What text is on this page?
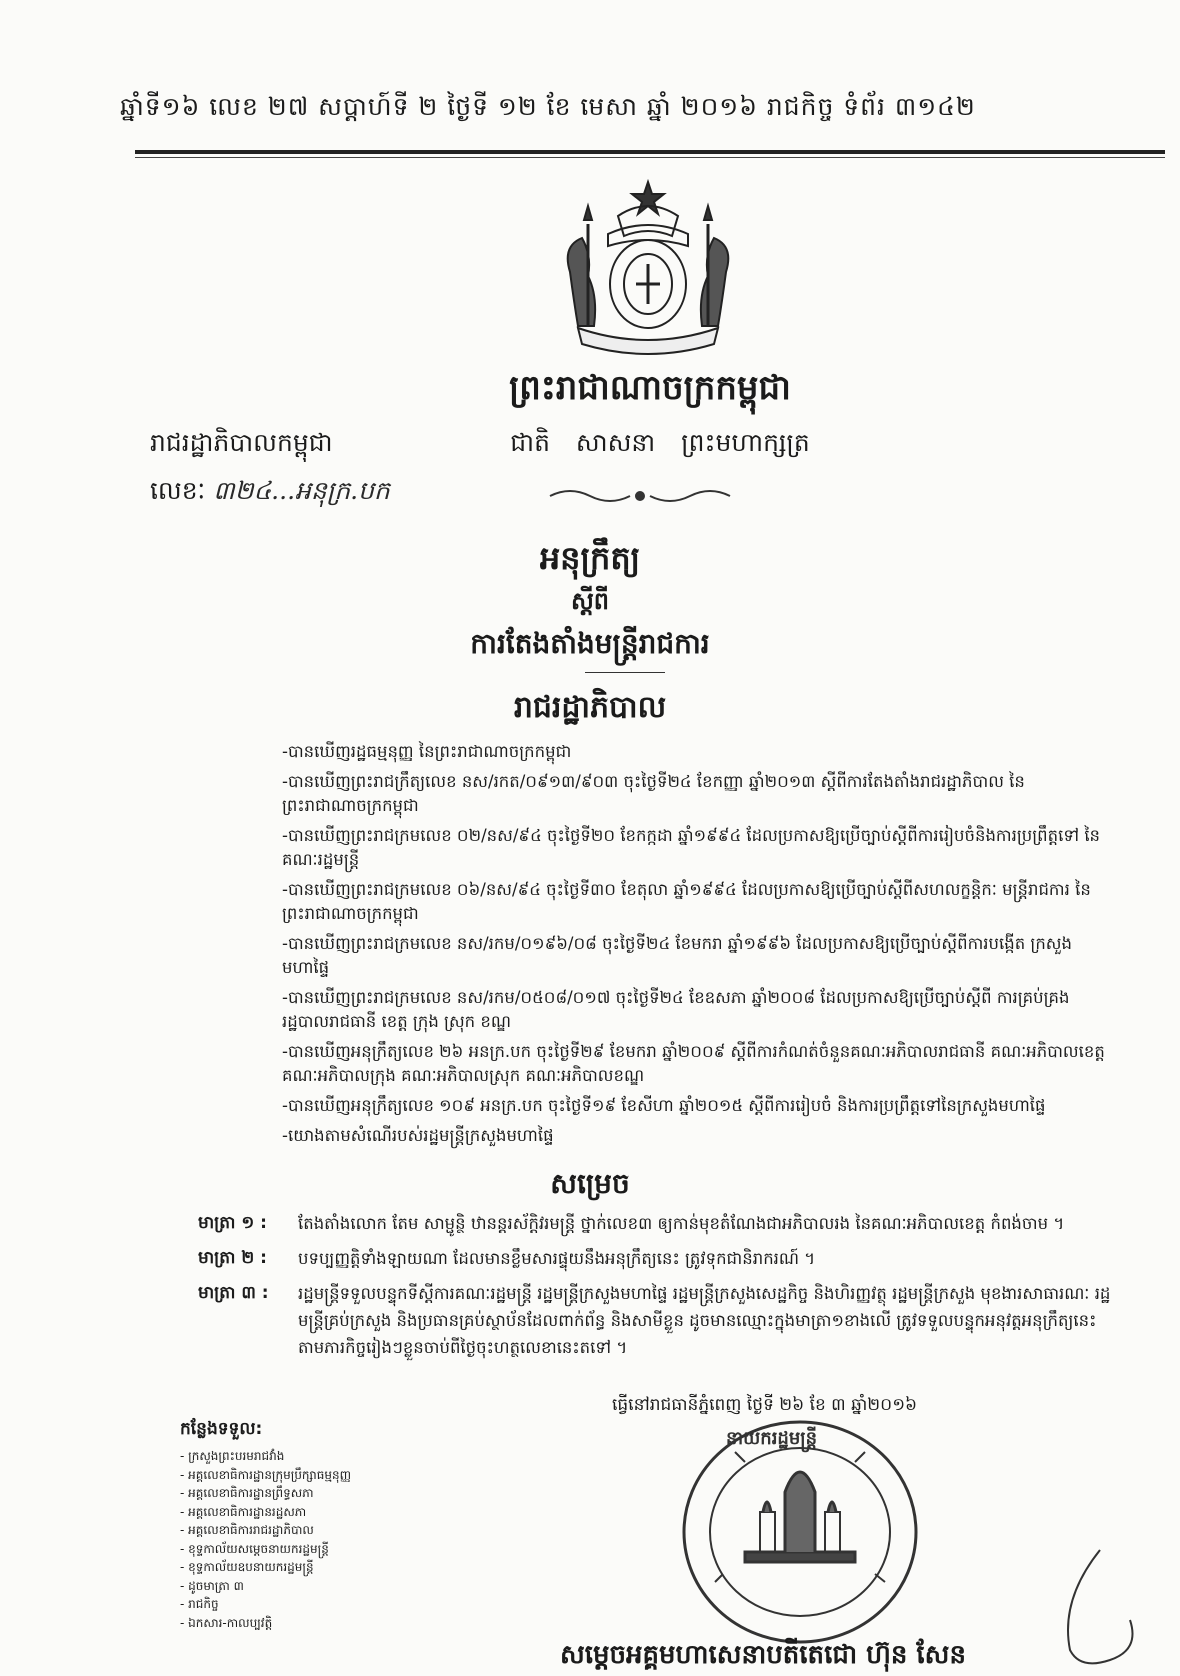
ឆ្នាំទី១៦ លេខ ២៧ សប្តាហ៍ទី ២ ថ្ងៃទី ១២ ខែ មេសា ឆ្នាំ ២០១៦ រាជកិច្ច ទំព័រ ៣១៤២
ព្រះរាជាណាចក្រកម្ពុជា
ជាតិ សាសនា ព្រះមហាក្សត្រ
រាជរដ្ឋាភិបាលកម្ពុជា
លេខៈ ៣២៤...អនុក្រ.បក
អនុក្រឹត្យ
ស្តីពី
ការតែងតាំងមន្ត្រីរាជការ
រាជរដ្ឋាភិបាល
-បានឃើញរដ្ឋធម្មនុញ្ញ នៃព្រះរាជាណាចក្រកម្ពុជា
-បានឃើញព្រះរាជក្រឹត្យលេខ នស/រកត/០៩១៣/៩០៣ ចុះថ្ងៃទី២៤ ខែកញ្ញា ឆ្នាំ២០១៣ ស្តីពីការតែងតាំងរាជរដ្ឋាភិបាល នៃព្រះរាជាណាចក្រកម្ពុជា
-បានឃើញព្រះរាជក្រមលេខ ០២/នស/៩៤ ចុះថ្ងៃទី២០ ខែកក្កដា ឆ្នាំ១៩៩៤ ដែលប្រកាសឱ្យប្រើច្បាប់ស្តីពីការរៀបចំនិងការប្រព្រឹត្តទៅ នៃគណៈរដ្ឋមន្ត្រី
-បានឃើញព្រះរាជក្រមលេខ ០៦/នស/៩៤ ចុះថ្ងៃទី៣០ ខែតុលា ឆ្នាំ១៩៩៤ ដែលប្រកាសឱ្យប្រើច្បាប់ស្តីពីសហលក្ខន្តិកៈ មន្ត្រីរាជការ នៃព្រះរាជាណាចក្រកម្ពុជា
-បានឃើញព្រះរាជក្រមលេខ នស/រកម/០១៩៦/០៨ ចុះថ្ងៃទី២៤ ខែមករា ឆ្នាំ១៩៩៦ ដែលប្រកាសឱ្យប្រើច្បាប់ស្តីពីការបង្កើត ក្រសួងមហាផ្ទៃ
-បានឃើញព្រះរាជក្រមលេខ នស/រកម/០៥០៨/០១៧ ចុះថ្ងៃទី២៤ ខែឧសភា ឆ្នាំ២០០៨ ដែលប្រកាសឱ្យប្រើច្បាប់ស្តីពី ការគ្រប់គ្រងរដ្ឋបាលរាជធានី ខេត្ត ក្រុង ស្រុក ខណ្ឌ
-បានឃើញអនុក្រឹត្យលេខ ២៦ អនក្រ.បក ចុះថ្ងៃទី២៩ ខែមករា ឆ្នាំ២០០៩ ស្តីពីការកំណត់ចំនួនគណៈអភិបាលរាជធានី គណៈអភិបាលខេត្ត គណៈអភិបាលក្រុង គណៈអភិបាលស្រុក គណៈអភិបាលខណ្ឌ
-បានឃើញអនុក្រឹត្យលេខ ១០៩ អនក្រ.បក ចុះថ្ងៃទី១៩ ខែសីហា ឆ្នាំ២០១៥ ស្តីពីការរៀបចំ និងការប្រព្រឹត្តទៅនៃក្រសួងមហាផ្ទៃ
-យោងតាមសំណើរបស់រដ្ឋមន្ត្រីក្រសួងមហាផ្ទៃ
សម្រេច
មាត្រា ១ :	តែងតាំងលោក តែម សាម្ផូន្ថិ ឋានន្តរស័ក្តិវរមន្ត្រី ថ្នាក់លេខ៣ ឲ្យកាន់មុខតំណែងជាអភិបាលរង នៃគណៈអភិបាលខេត្ត កំពង់ចាម ។
មាត្រា ២ :	បទប្បញ្ញត្តិទាំងឡាយណា ដែលមានខ្លឹមសារផ្ទុយនឹងអនុក្រឹត្យនេះ ត្រូវទុកជានិរាករណ៍ ។
មាត្រា ៣ :	រដ្ឋមន្ត្រីទទួលបន្ទុកទីស្តីការគណៈរដ្ឋមន្ត្រី រដ្ឋមន្ត្រីក្រសួងមហាផ្ទៃ រដ្ឋមន្ត្រីក្រសួងសេដ្ឋកិច្ច និងហិរញ្ញវត្ថុ រដ្ឋមន្ត្រីក្រសួង មុខងារសាធារណៈ រដ្ឋមន្ត្រីគ្រប់ក្រសួង និងប្រធានគ្រប់ស្ថាប័នដែលពាក់ព័ន្ធ និងសាមីខ្លួន ដូចមានឈ្មោះក្នុងមាត្រា១ខាងលើ ត្រូវទទួលបន្ទុកអនុវត្តអនុក្រឹត្យនេះ តាមភារកិច្ចរៀងៗខ្លួនចាប់ពីថ្ងៃចុះហត្ថលេខានេះតទៅ ។
ធ្វើនៅរាជធានីភ្នំពេញ ថ្ងៃទី ២៦ ខែ ៣ ឆ្នាំ២០១៦
កន្លែងទទួល:
- ក្រសួងព្រះបរមរាជវាំង
- អគ្គលេខាធិការដ្ឋានក្រុមប្រឹក្សាធម្មនុញ្ញ
- អគ្គលេខាធិការដ្ឋានព្រឹទ្ធសភា
- អគ្គលេខាធិការដ្ឋានរដ្ឋសភា
- អគ្គលេខាធិការរាជរដ្ឋាភិបាល
- ខុទ្ទកាល័យសម្តេចនាយករដ្ឋមន្ត្រី
- ខុទ្ទកាល័យឧបនាយករដ្ឋមន្ត្រី
- ដូចមាត្រា ៣
- រាជកិច្ច
- ឯកសារ-កាលប្បវត្តិ
នាយករដ្ឋមន្ត្រី
សម្តេចអគ្គមហាសេនាបតីតេជោ ហ៊ុន សែន
